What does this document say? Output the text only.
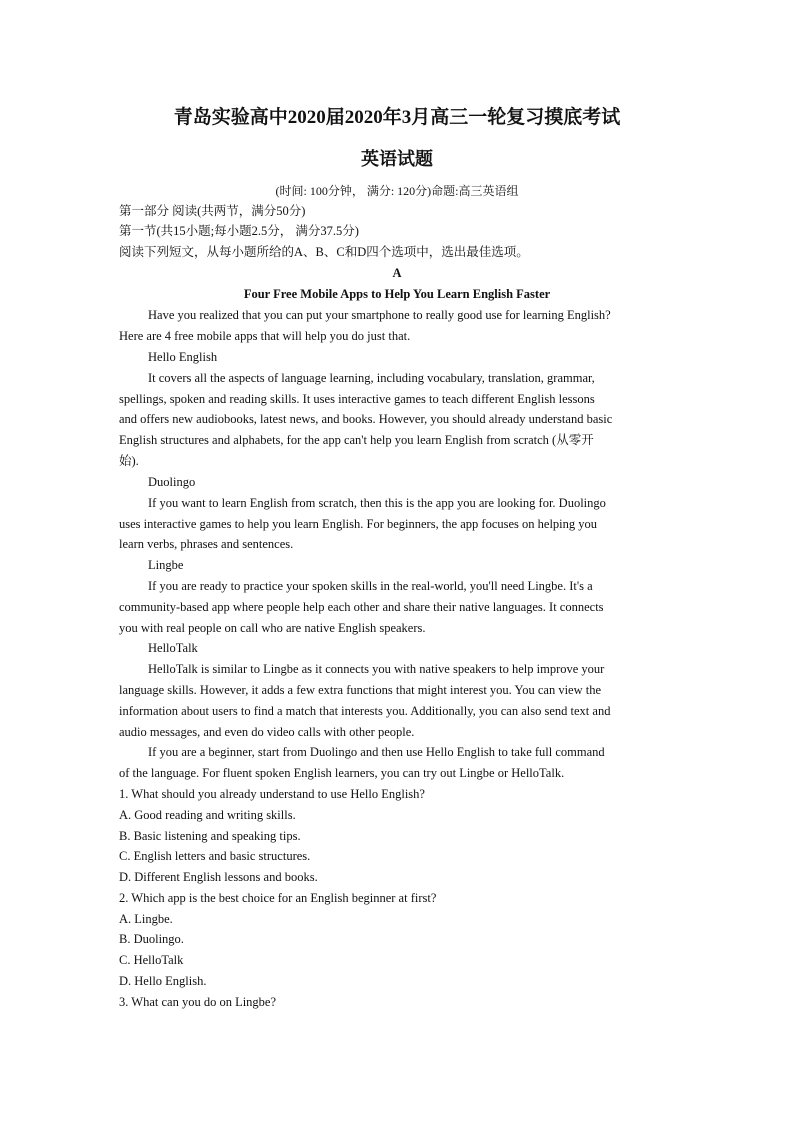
青岛实验高中2020届2020年3月高三一轮复习摸底考试
英语试题
(时间: 100分钟， 满分: 120分)命题:高三英语组
第一部分 阅读(共两节，满分50分)
第一节(共15小题;每小题2.5分， 满分37.5分)
阅读下列短文，从每小题所给的A、B、C和D四个选项中，选出最佳选项。
A
Four Free Mobile Apps to Help You Learn English Faster
Have you realized that you can put your smartphone to really good use for learning English?
Here are 4 free mobile apps that will help you do just that.
Hello English
It covers all the aspects of language learning, including vocabulary, translation, grammar,
spellings, spoken and reading skills. It uses interactive games to teach different English lessons
and offers new audiobooks, latest news, and books. However, you should already understand basic
English structures and alphabets, for the app can't help you learn English from scratch (从零开
始).
Duolingo
If you want to learn English from scratch, then this is the app you are looking for. Duolingo
uses interactive games to help you learn English. For beginners, the app focuses on helping you
learn verbs, phrases and sentences.
Lingbe
If you are ready to practice your spoken skills in the real-world, you'll need Lingbe. It's a
community-based app where people help each other and share their native languages. It connects
you with real people on call who are native English speakers.
HelloTalk
HelloTalk is similar to Lingbe as it connects you with native speakers to help improve your
language skills. However, it adds a few extra functions that might interest you. You can view the
information about users to find a match that interests you. Additionally, you can also send text and
audio messages, and even do video calls with other people.
If you are a beginner, start from Duolingo and then use Hello English to take full command
of the language. For fluent spoken English learners, you can try out Lingbe or HelloTalk.
1. What should you already understand to use Hello English?
A. Good reading and writing skills.
B. Basic listening and speaking tips.
C. English letters and basic structures.
D. Different English lessons and books.
2. Which app is the best choice for an English beginner at first?
A. Lingbe.
B. Duolingo.
C. HelloTalk
D. Hello English.
3. What can you do on Lingbe?
